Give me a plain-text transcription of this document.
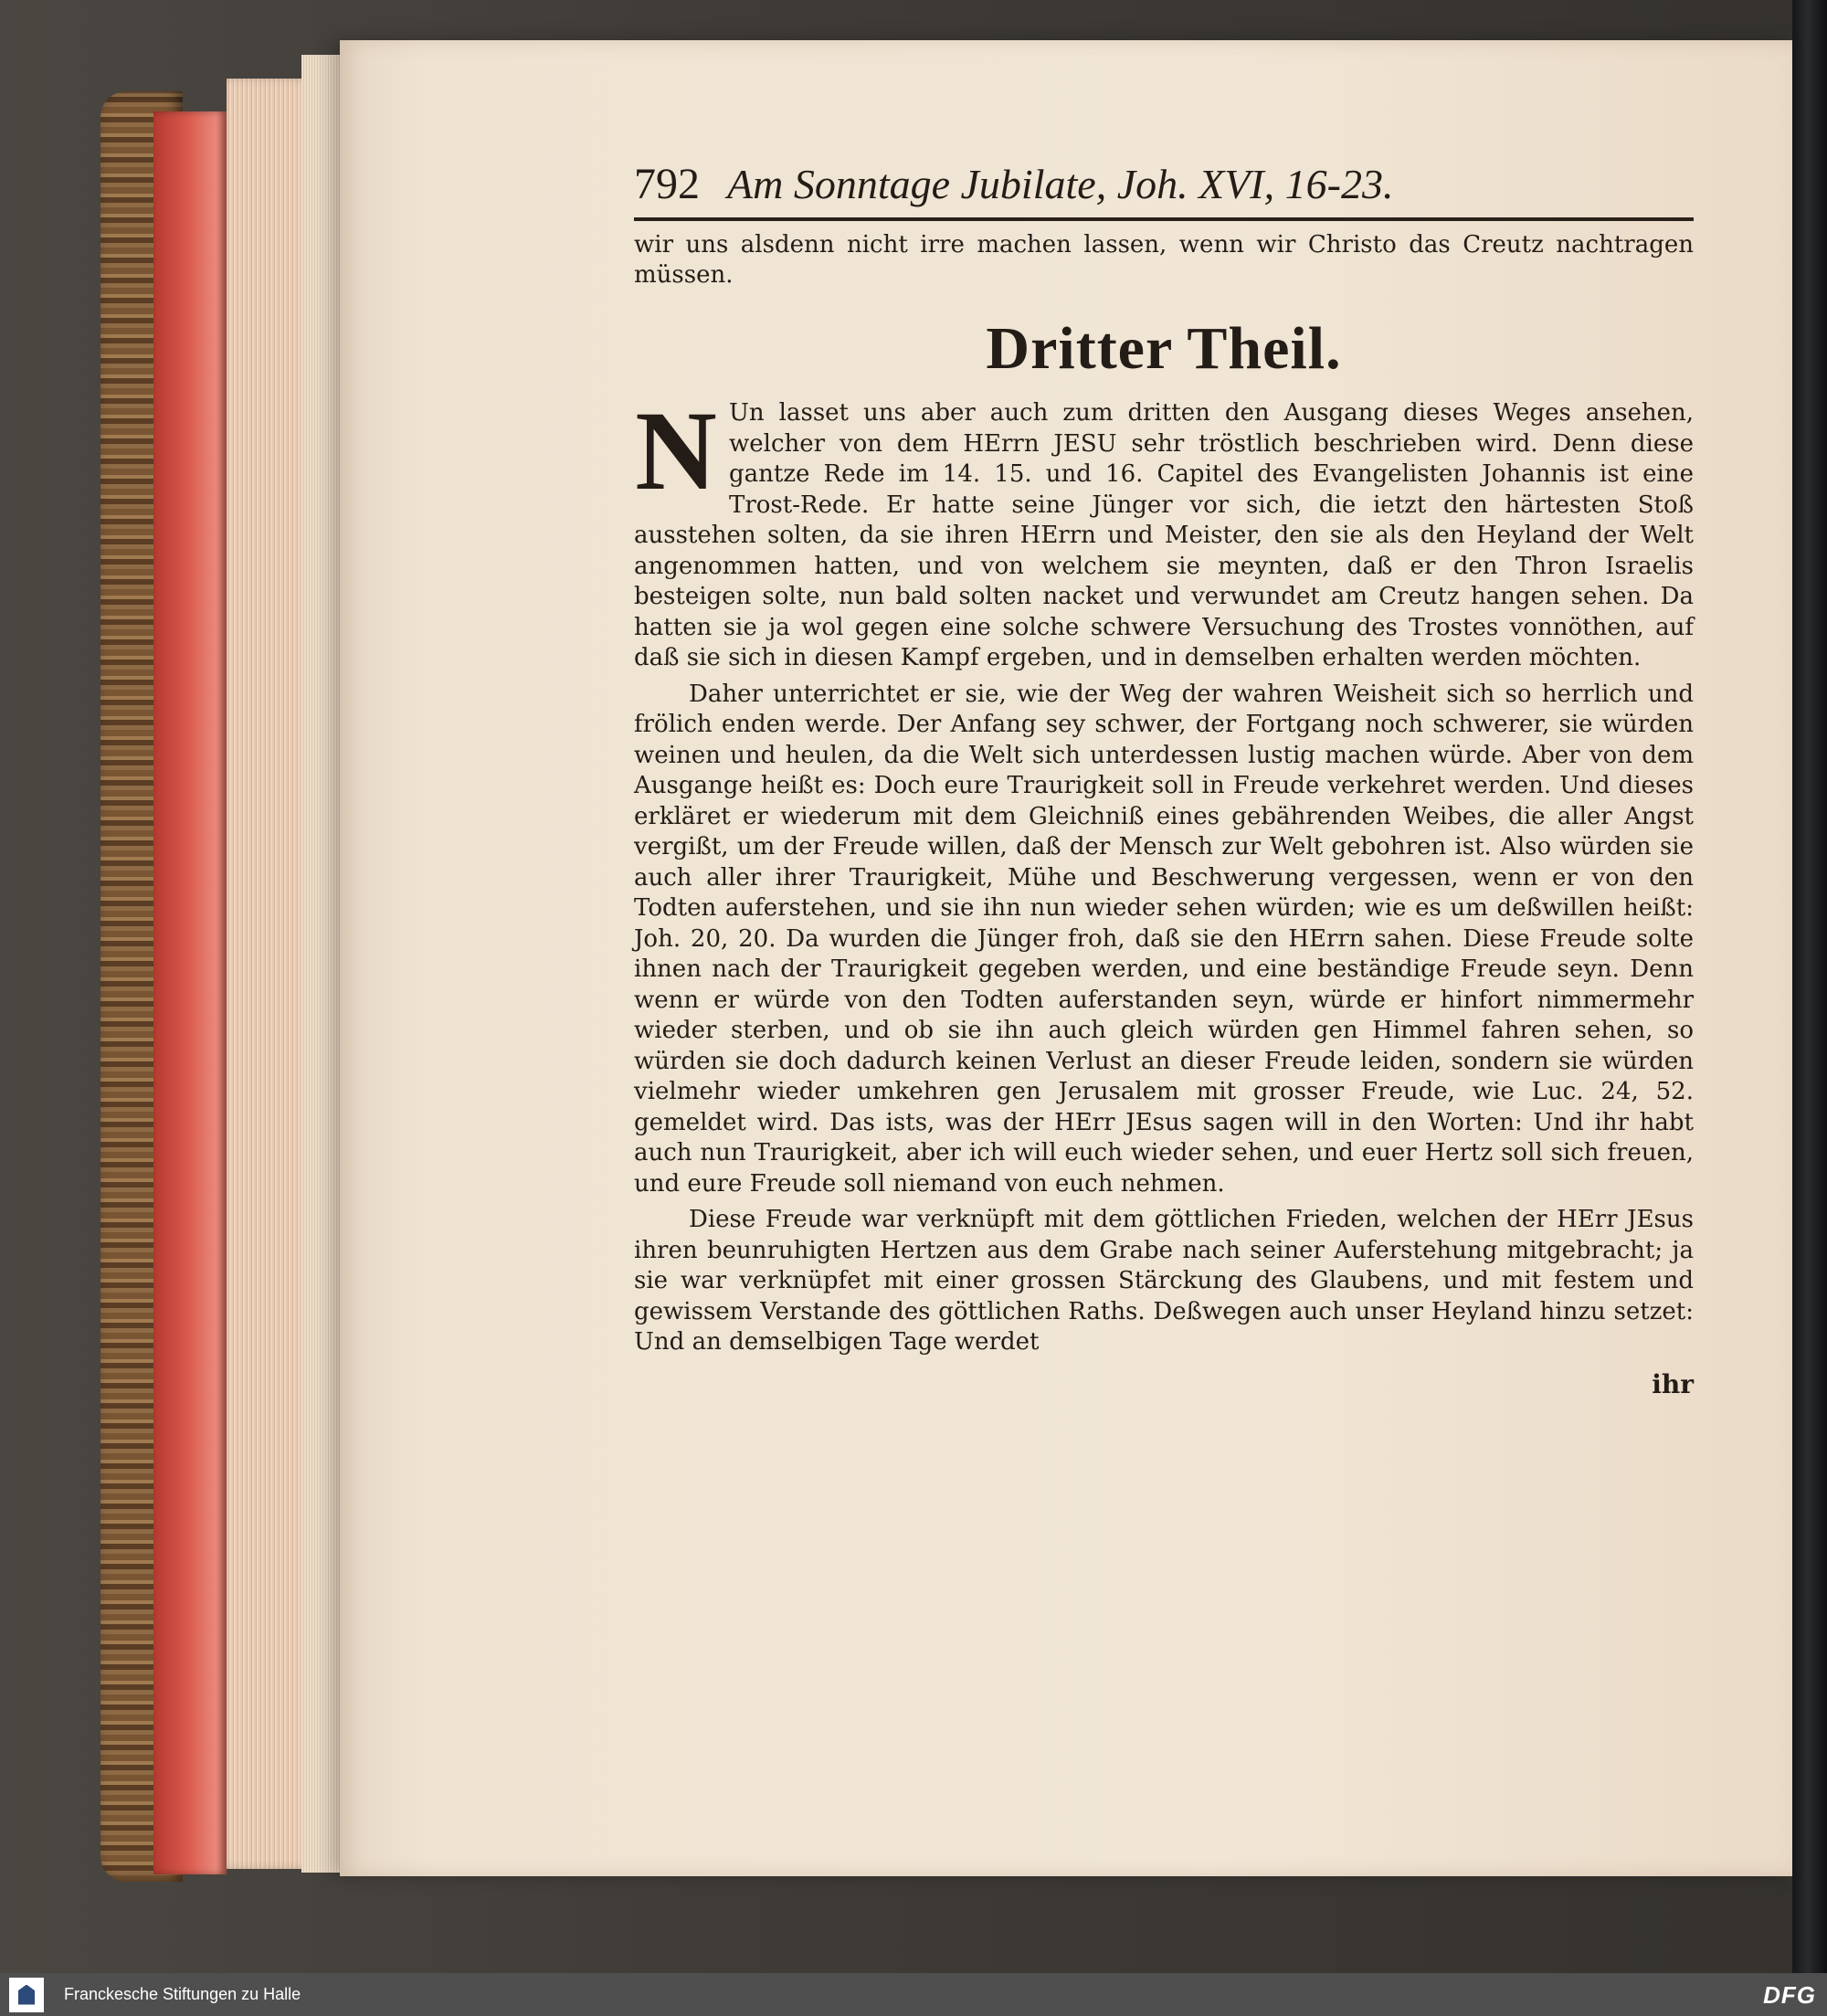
792 Am Sonntage Jubilate, Joh. XVI, 16-23.

wir uns alsdenn nicht irre machen lassen, wenn wir Christo das Creutz nachtragen müssen.

Dritter Theil.

N Un lasset uns aber auch zum dritten den Ausgang dieses Weges ansehen, welcher von dem HErrn JESU sehr tröstlich beschrieben wird. Denn diese gantze Rede im 14. 15. und 16. Capitel des Evangelisten Johannis ist eine Trost-Rede. Er hatte seine Jünger vor sich, die ietzt den härtesten Stoß ausstehen solten, da sie ihren HErrn und Meister, den sie als den Heyland der Welt angenommen hatten, und von welchem sie meynten, daß er den Thron Israelis besteigen solte, nun bald solten nacket und verwundet am Creutz hangen sehen. Da hatten sie ja wol gegen eine solche schwere Versuchung des Trostes vonnöthen, auf daß sie sich in diesen Kampf ergeben, und in demselben erhalten werden möchten.

Daher unterrichtet er sie, wie der Weg der wahren Weisheit sich so herrlich und frölich enden werde. Der Anfang sey schwer, der Fortgang noch schwerer, sie würden weinen und heulen, da die Welt sich unterdessen lustig machen würde. Aber von dem Ausgange heißt es: Doch eure Traurigkeit soll in Freude verkehret werden. Und dieses erkläret er wiederum mit dem Gleichniß eines gebährenden Weibes, die aller Angst vergißt, um der Freude willen, daß der Mensch zur Welt gebohren ist. Also würden sie auch aller ihrer Traurigkeit, Mühe und Beschwerung vergessen, wenn er von den Todten auferstehen, und sie ihn nun wieder sehen würden; wie es um deßwillen heißt: Joh. 20, 20. Da wurden die Jünger froh, daß sie den HErrn sahen. Diese Freude solte ihnen nach der Traurigkeit gegeben werden, und eine beständige Freude seyn. Denn wenn er würde von den Todten auferstanden seyn, würde er hinfort nimmermehr wieder sterben, und ob sie ihn auch gleich würden gen Himmel fahren sehen, so würden sie doch dadurch keinen Verlust an dieser Freude leiden, sondern sie würden vielmehr wieder umkehren gen Jerusalem mit grosser Freude, wie Luc. 24, 52. gemeldet wird. Das ists, was der HErr JEsus sagen will in den Worten: Und ihr habt auch nun Traurigkeit, aber ich will euch wieder sehen, und euer Hertz soll sich freuen, und eure Freude soll niemand von euch nehmen.

Diese Freude war verknüpft mit dem göttlichen Frieden, welchen der HErr JEsus ihren beunruhigten Hertzen aus dem Grabe nach seiner Auferstehung mitgebracht; ja sie war verknüpfet mit einer grossen Stärckung des Glaubens, und mit festem und gewissem Verstande des göttlichen Raths. Deßwegen auch unser Heyland hinzu setzet: Und an demselbigen Tage werdet

ihr
Franckesche Stiftungen zu Halle	DFG
